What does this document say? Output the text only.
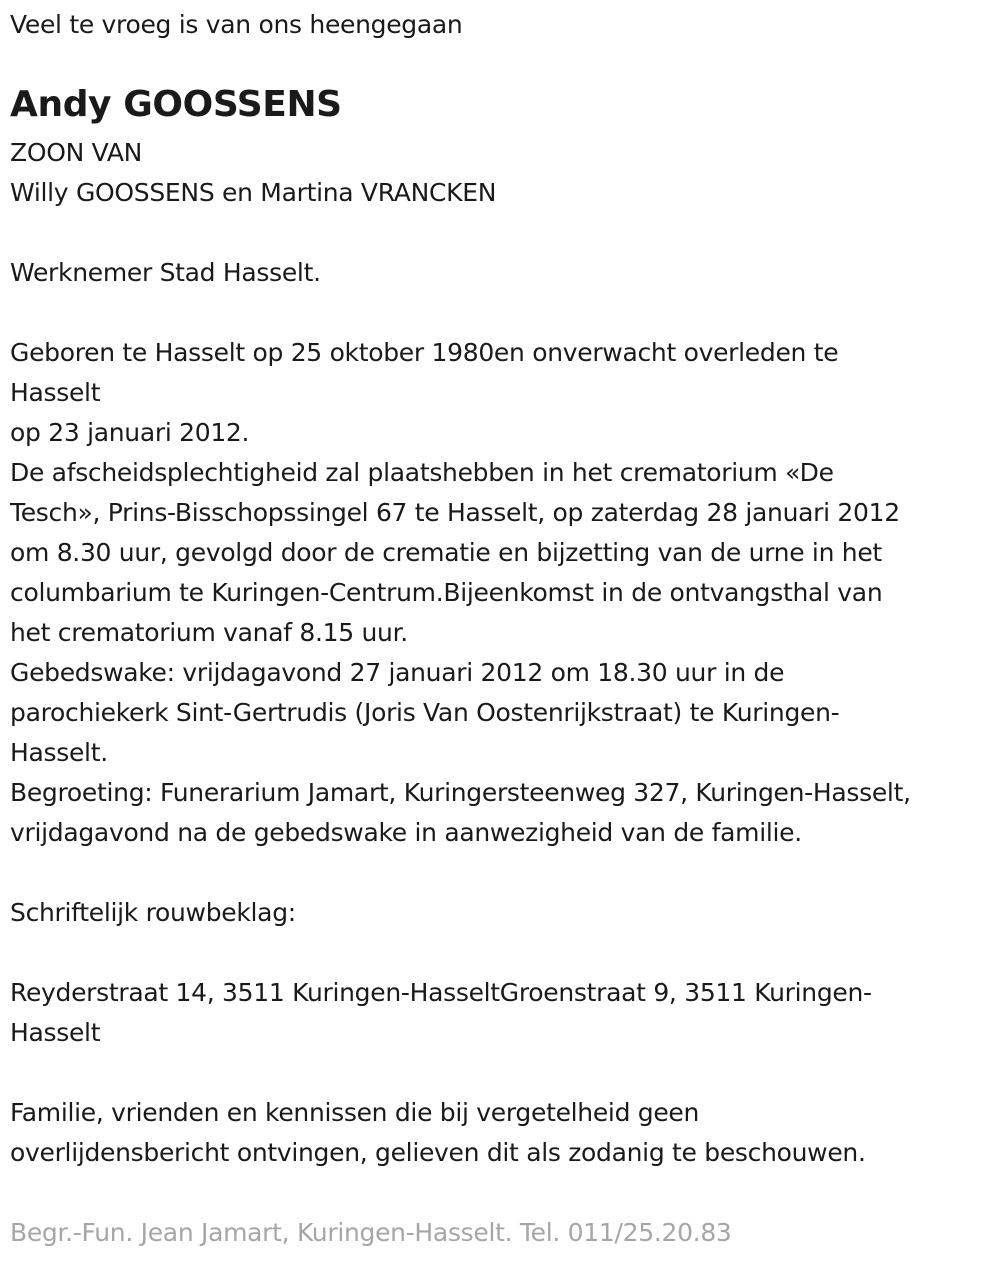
Veel te vroeg is van ons heengegaan
Andy GOOSSENS
ZOON VAN
Willy GOOSSENS en Martina VRANCKEN
Werknemer Stad Hasselt.
Geboren te Hasselt op 25 oktober 1980en onverwacht overleden te
Hasselt
op 23 januari 2012.
De afscheidsplechtigheid zal plaatshebben in het crematorium «De
Tesch», Prins-Bisschopssingel 67 te Hasselt, op zaterdag 28 januari 2012
om 8.30 uur, gevolgd door de crematie en bijzetting van de urne in het
columbarium te Kuringen-Centrum.Bijeenkomst in de ontvangsthal van
het crematorium vanaf 8.15 uur.
Gebedswake: vrijdagavond 27 januari 2012 om 18.30 uur in de
parochiekerk Sint-Gertrudis (Joris Van Oostenrijkstraat) te Kuringen-
Hasselt.
Begroeting: Funerarium Jamart, Kuringersteenweg 327, Kuringen-Hasselt,
vrijdagavond na de gebedswake in aanwezigheid van de familie.
Schriftelijk rouwbeklag:
Reyderstraat 14, 3511 Kuringen-HasseltGroenstraat 9, 3511 Kuringen-
Hasselt
Familie, vrienden en kennissen die bij vergetelheid geen
overlijdensbericht ontvingen, gelieven dit als zodanig te beschouwen.
Begr.-Fun. Jean Jamart, Kuringen-Hasselt. Tel. 011/25.20.83
